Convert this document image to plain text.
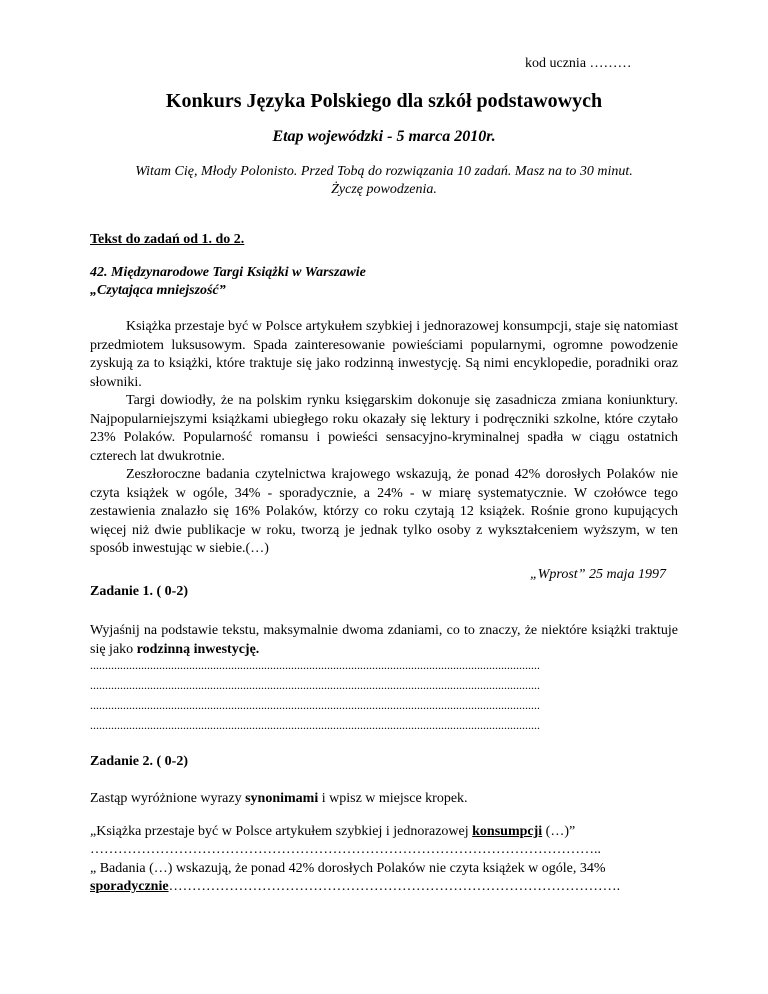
kod ucznia ………
Konkurs Języka Polskiego dla szkół podstawowych
Etap wojewódzki - 5 marca 2010r.
Witam Cię, Młody Polonisto. Przed Tobą do rozwiązania 10 zadań. Masz na to 30 minut.
Życzę powodzenia.
Tekst do zadań od 1. do 2.
42. Międzynarodowe Targi Książki w Warszawie
„Czytająca mniejszość”

Książka przestaje być w Polsce artykułem szybkiej i jednorazowej konsumpcji, staje się natomiast przedmiotem luksusowym. Spada zainteresowanie powieściami popularnymi, ogromne powodzenie zyskują za to książki, które traktuje się jako rodzinną inwestycję. Są nimi encyklopedie, poradniki oraz słowniki.

Targi dowiodły, że na polskim rynku księgarskim dokonuje się zasadnicza zmiana koniunktury. Najpopularniejszymi książkami ubiegłego roku okazały się lektury i podręczniki szkolne, które czytało 23% Polaków. Popularność romansu i powieści sensacyjno-kryminalnej spadła w ciągu ostatnich czterech lat dwukrotnie.

Zeszłoroczne badania czytelnictwa krajowego wskazują, że ponad 42% dorosłych Polaków nie czyta książek w ogóle, 34% - sporadycznie, a 24% - w miarę systematycznie. W czołówce tego zestawienia znalazło się 16% Polaków, którzy co roku czytają 12 książek. Rośnie grono kupujących więcej niż dwie publikacje w roku, tworzą je jednak tylko osoby z wykształceniem wyższym, w ten sposób inwestując w siebie.(…)

„Wprost” 25 maja 1997
Zadanie 1. ( 0-2)
Wyjaśnij na podstawie tekstu, maksymalnie dwoma zdaniami, co to znaczy, że niektóre książki traktuje się jako rodzinną inwestycję.
......................................................................................................................................................
......................................................................................................................................................
......................................................................................................................................................
......................................................................................................................................................
Zadanie 2. ( 0-2)
Zastąp wyróżnione wyrazy synonimami i wpisz w miejsce kropek.
„Książka przestaje być w Polsce artykułem szybkiej i jednorazowej konsumpcji (…)”
………………………………………………………………………………………………..
„ Badania (…) wskazują, że ponad 42% dorosłych Polaków nie czyta książek w ogóle, 34%
sporadycznie…………………………………………………………………………………….
